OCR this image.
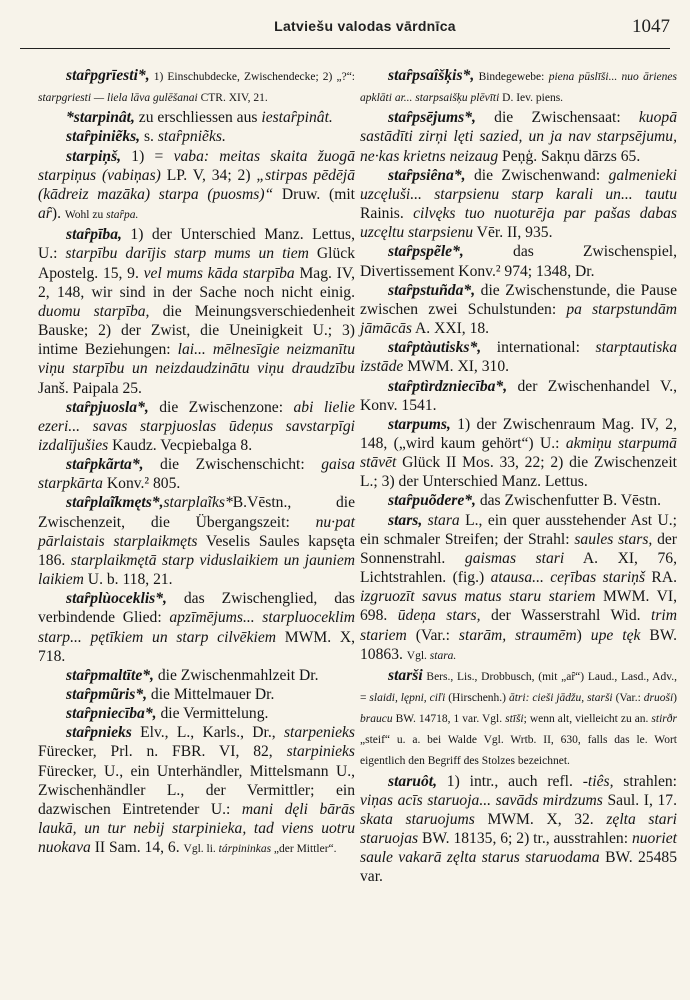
Latviešu valodas vārdnīca	1047

staȓpgrīesti*, 1) Einschubdecke, Zwischendecke; 2) „?“: starpgriesti — liela lāva gulēšanai CTR. XIV, 21.

*starpinât, zu erschliessen aus iestaȓpinât.

staȓpiniẽks, s. staȓpniẽks.

starpiņš, 1) = vaba: meitas skaita žuogā starpiņus (vabiņas) LP. V, 34; 2) „stirpas pēdējā (kādreiz mazāka) starpa (puosms)“ Druw. (mit aȓ). Wohl zu staȓpa.

staȓpība, 1) der Unterschied Manz. Lettus, U.: starpību darījis starp mums un tiem Glück Apostelg. 15, 9. vel mums kāda starpība Mag. IV, 2, 148, wir sind in der Sache noch nicht einig. duomu starpība, die Meinungsverschiedenheit Bauske; 2) der Zwist, die Uneinigkeit U.; 3) intime Beziehungen: lai... mēlnesīgie neizmanītu viņu starpību un neizdaudzinātu viņu draudzību Janš. Paipala 25.

staȓpjuosla*, die Zwischenzone: abi lielie ezeri... savas starpjuoslas ūdeņus savstarpīgi izdalījušies Kaudz. Vecpiebalga 8.

staȓpkãrta*, die Zwischenschicht: gaisa starpkārta Konv.² 805.

staȓplaĩkmęts*,starplaĩks*B.Vēstn., die Zwischenzeit, die Übergangszeit: nu·pat pārlaistais starplaikmęts Veselis Saules kapsęta 186. starplaikmętā starp viduslaikiem un jauniem laikiem U. b. 118, 21.

staȓplùoceklis*, das Zwischenglied, das verbindende Glied: apzīmējums... starpluoceklim starp... pętīkiem un starp cilvēkiem MWM. X, 718.

staȓpmaltīte*, die Zwischenmahlzeit Dr.

staȓpmũris*, die Mittelmauer Dr.

staȓpniecība*, die Vermittelung.

staȓpnieks Elv., L., Karls., Dr., starpenieks Fürecker, Prl. n. FBR. VI, 82, starpinieks Fürecker, U., ein Unterhändler, Mittelsmann U., Zwischenhändler L., der Vermittler; ein dazwischen Eintretender U.: mani dęli bārās laukā, un tur nebij starpinieka, tad viens uotru nuokava II Sam. 14, 6. Vgl. li. tárpininkas „der Mittler“.

staȓpsaîšķis*, Bindegewebe: piena pūslīši... nuo ārienes apklāti ar... starpsaišķu plēvīti D. Iev. piens.

staȓpsējums*, die Zwischensaat: kuopā sastādīti zirņi lęti sazied, un ja nav starpsējumu, ne·kas krietns neizaug Peņģ. Sakņu dārzs 65.

staȓpsiêna*, die Zwischenwand: galmenieki uzcęluši... starpsienu starp karali un... tautu Rainis. cilvęks tuo nuoturēja par pašas dabas uzcęltu starpsienu Vēr. II, 935.

staȓpspẽle*, das Zwischenspiel, Divertissement Konv.² 974; 1348, Dr.

staȓpstuñda*, die Zwischenstunde, die Pause zwischen zwei Schulstunden: pa starpstundām jāmācās A. XXI, 18.

staȓptàutisks*, international: starptautiska izstāde MWM. XI, 310.

staȓptìrdzniecība*, der Zwischenhandel V., Konv. 1541.

starpums, 1) der Zwischenraum Mag. IV, 2, 148, („wird kaum gehört“) U.: akmiņu starpumā stāvēt Glück II Mos. 33, 22; 2) die Zwischenzeit L.; 3) der Unterschied Manz. Lettus.

staȓpuõdere*, das Zwischenfutter B. Vēstn.

stars, stara L., ein quer ausstehender Ast U.; ein schmaler Streifen; der Strahl: saules stars, der Sonnenstrahl. gaismas stari A. XI, 76, Lichtstrahlen. (fig.) atausa... ceŗības stariņš RA. izgruozīt savus matus staru stariem MWM. VI, 698. ūdeņa stars, der Wasserstrahl Wid. trim stariem (Var.: starām, straumēm) upe tęk BW. 10863. Vgl. stara.

starši Bers., Lis., Drobbusch, (mit „aȓ“) Laud., Lasd., Adv., = slaidi, lępni, ciľi (Hirschenh.) ātri: cieši jādžu, starši (Var.: druoši) braucu BW. 14718, 1 var. Vgl. stīši; wenn alt, vielleicht zu an. stirðr „steif“ u. a. bei Walde Vgl. Wrtb. II, 630, falls das le. Wort eigentlich den Begriff des Stolzes bezeichnet.

staruôt, 1) intr., auch refl. -tiês, strahlen: viņas acīs staruoja... savāds mirdzums Saul. I, 17. skata staruojums MWM. X, 32. zęlta stari staruojas BW. 18135, 6; 2) tr., ausstrahlen: nuoriet saule vakarā zęlta starus staruodama BW. 25485 var.
